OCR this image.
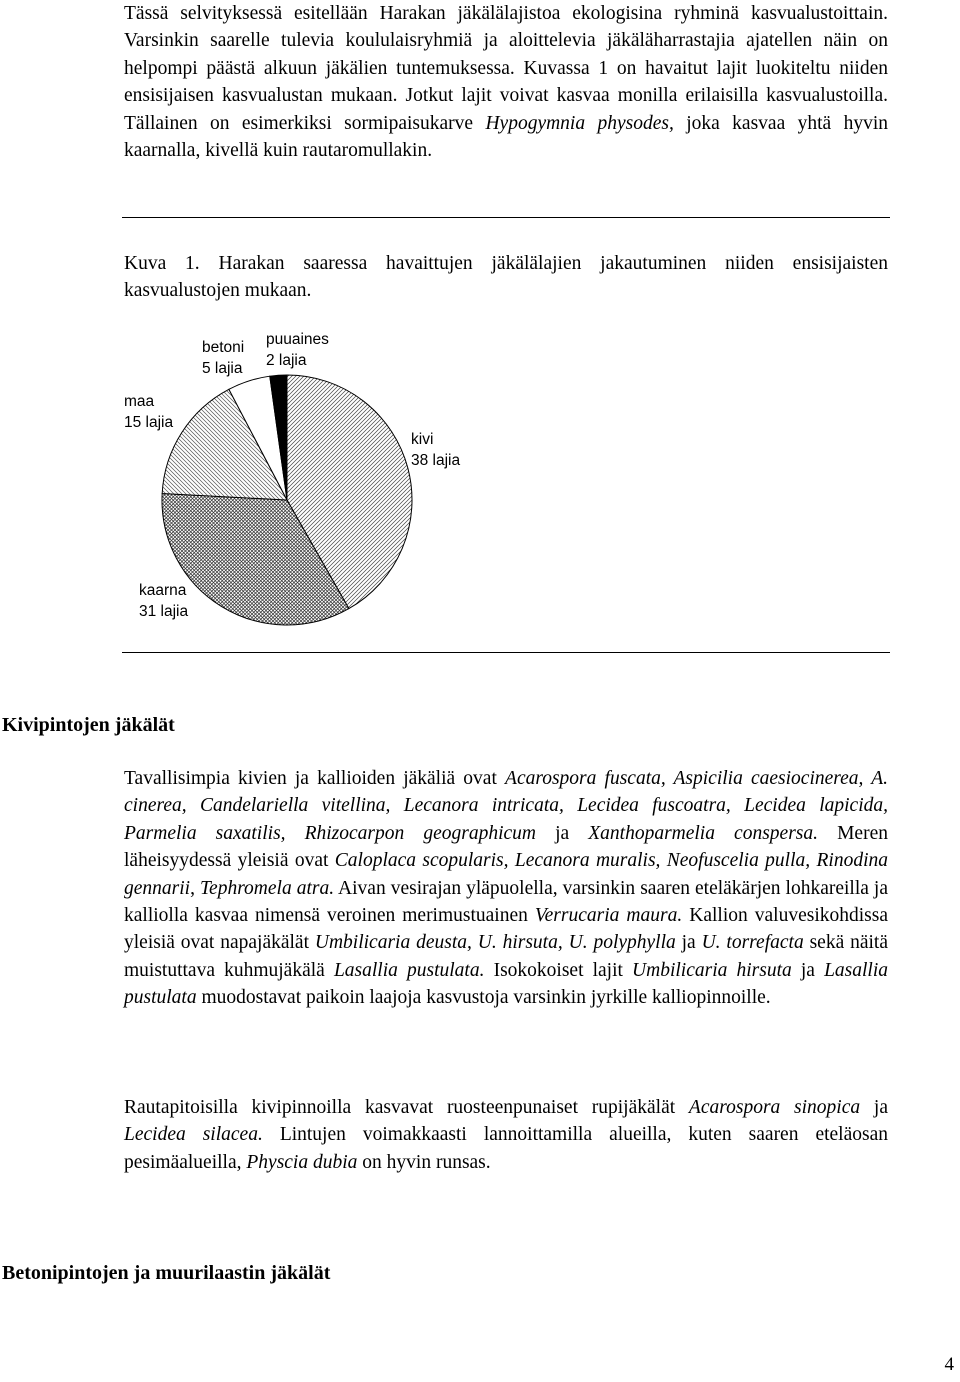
Tässä selvityksessä esitellään Harakan jäkälälajistoa ekologisina ryhminä kasvualustoittain. Varsinkin saarelle tulevia koululaisryhmiä ja aloittelevia jäkäläharrastajia ajatellen näin on helpompi päästä alkuun jäkälien tuntemuksessa. Kuvassa 1 on havaitut lajit luokiteltu niiden ensisijaisen kasvualustan mukaan. Jotkut lajit voivat kasvaa monilla erilaisilla kasvualustoilla. Tällainen on esimerkiksi sormipaisukarve Hypogymnia physodes, joka kasvaa yhtä hyvin kaarnalla, kivellä kuin rautaromullakin.

Kuva 1. Harakan saaressa havaittujen jäkälälajien jakautuminen niiden ensisijaisten kasvualustojen mukaan.

kivi 38 lajia
kaarna 31 lajia
maa 15 lajia
betoni 5 lajia
puuaines 2 lajia
Kivipintojen jäkälät

Tavallisimpia kivien ja kallioiden jäkäliä ovat Acarospora fuscata, Aspicilia caesiocinerea, A. cinerea, Candelariella vitellina, Lecanora intricata, Lecidea fuscoatra, Lecidea lapicida, Parmelia saxatilis, Rhizocarpon geographicum ja Xanthoparmelia conspersa. Meren läheisyydessä yleisiä ovat Caloplaca scopularis, Lecanora muralis, Neofuscelia pulla, Rinodina gennarii, Tephromela atra. Aivan vesirajan yläpuolella, varsinkin saaren eteläkärjen lohkareilla ja kalliolla kasvaa nimensä veroinen merimustuainen Verrucaria maura. Kallion valuvesikohdissa yleisiä ovat napajäkälät Umbilicaria deusta, U. hirsuta, U. polyphylla ja U. torrefacta sekä näitä muistuttava kuhmujäkälä Lasallia pustulata. Isokokoiset lajit Umbilicaria hirsuta ja Lasallia pustulata muodostavat paikoin laajoja kasvustoja varsinkin jyrkille kalliopinnoille.

Rautapitoisilla kivipinnoilla kasvavat ruosteenpunaiset rupijäkälät Acarospora sinopica ja Lecidea silacea. Lintujen voimakkaasti lannoittamilla alueilla, kuten saaren eteläosan pesimäalueilla, Physcia dubia on hyvin runsas.

Betonipintojen ja muurilaastin jäkälät
4
